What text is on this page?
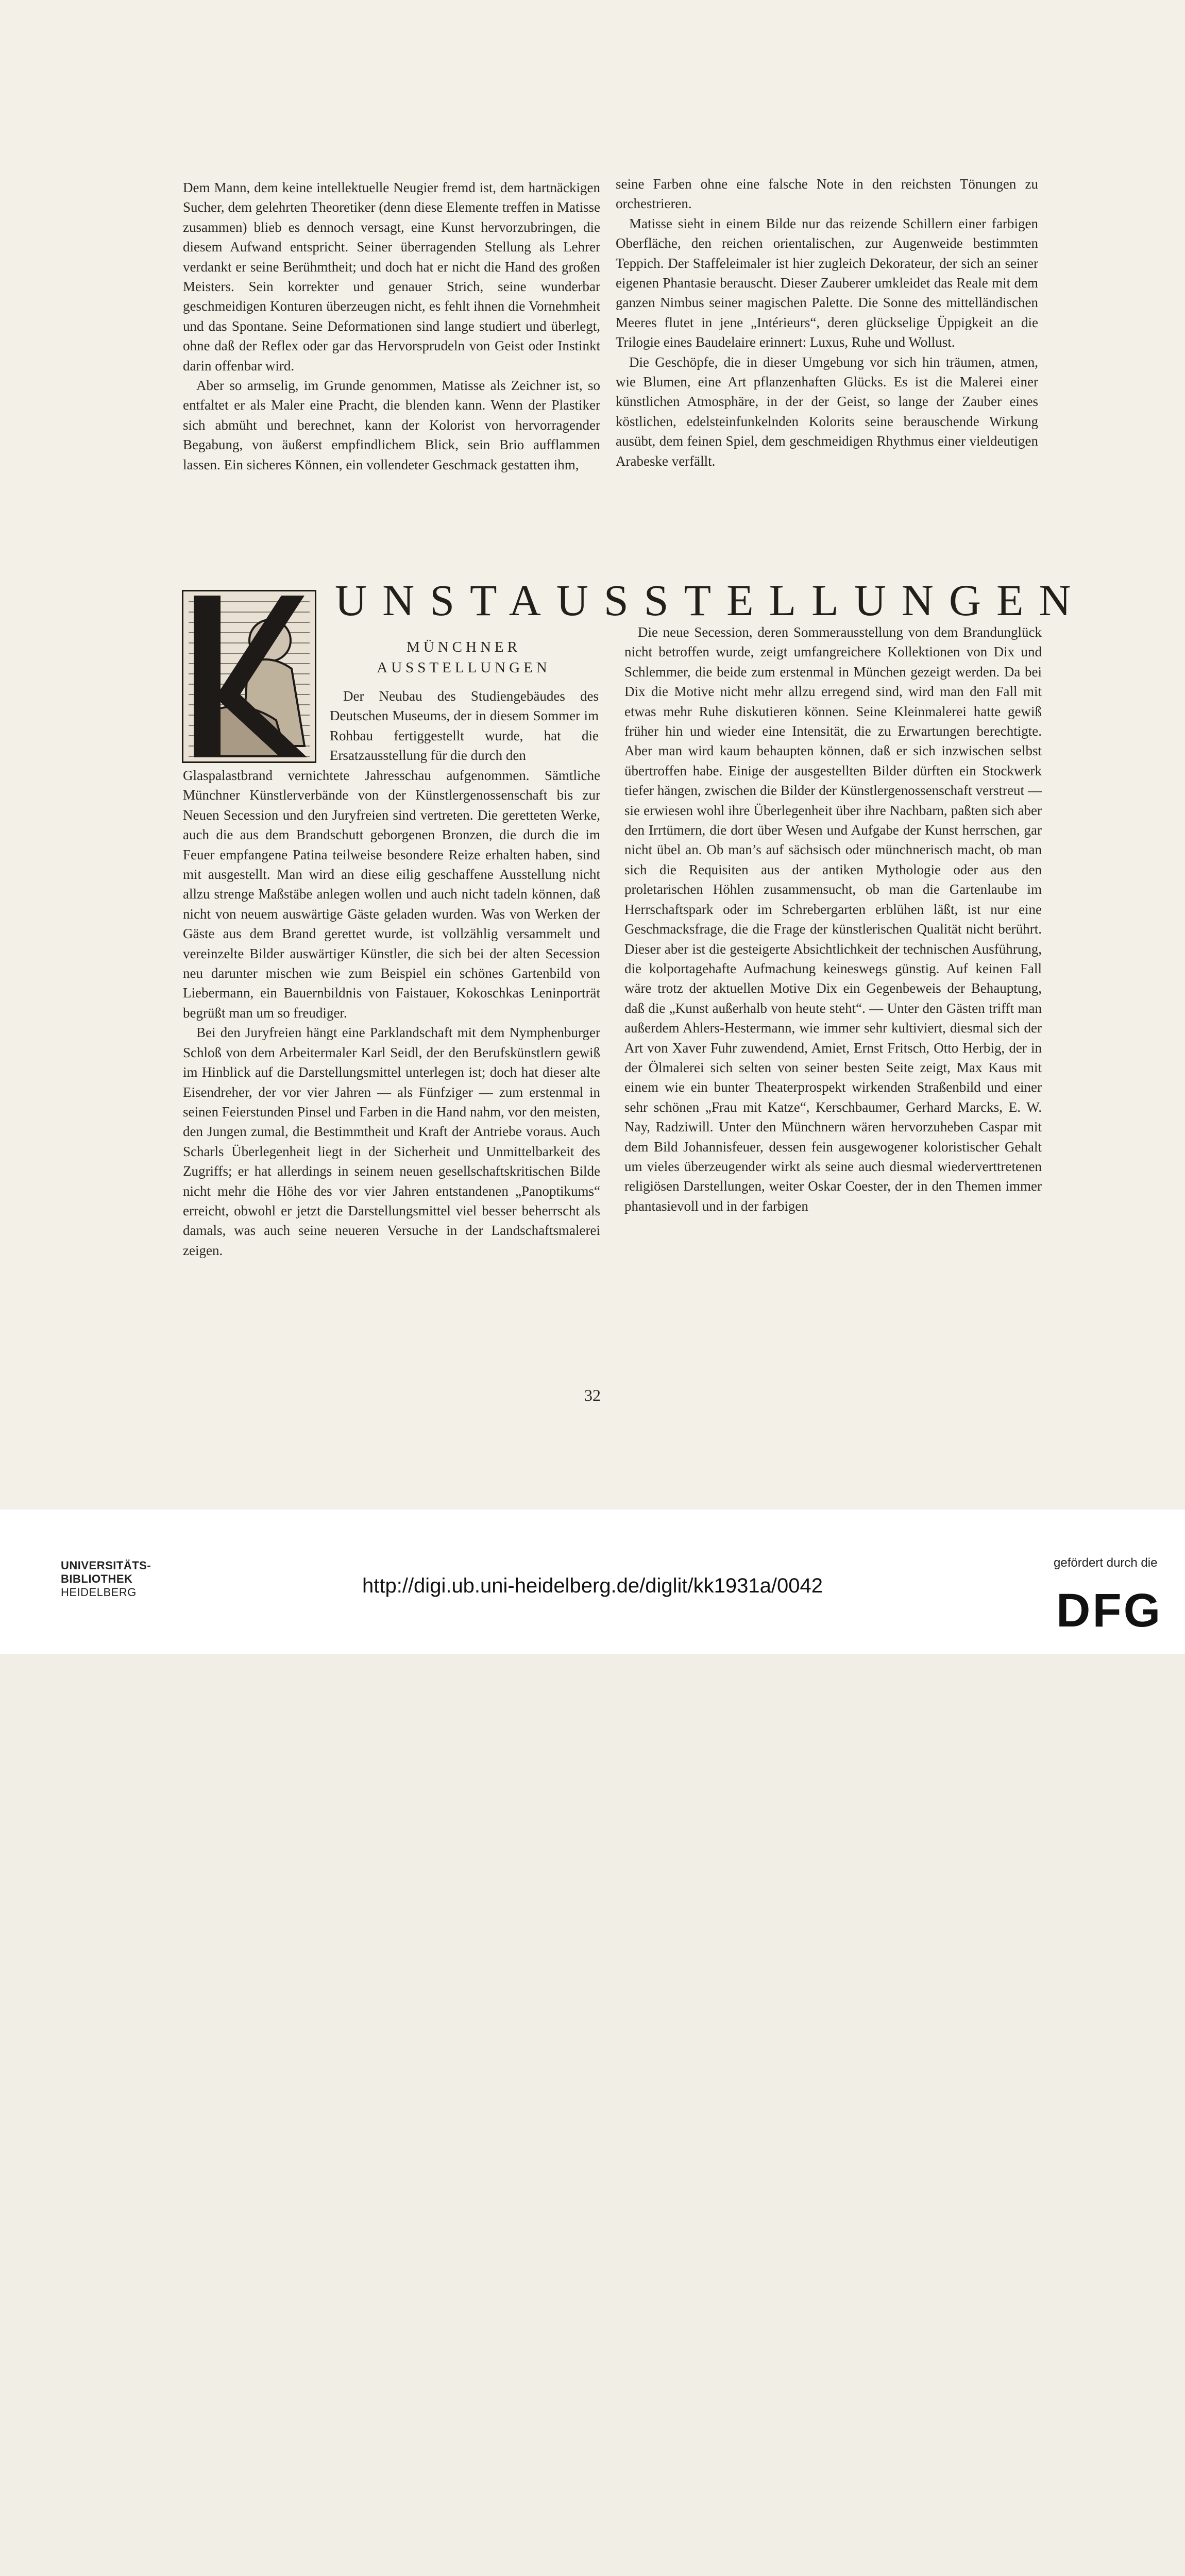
Dem Mann, dem keine intellektuelle Neugier fremd ist, dem hartnäckigen Sucher, dem gelehrten Theoretiker (denn diese Elemente treffen in Matisse zusammen) blieb es dennoch versagt, eine Kunst hervorzubringen, die diesem Aufwand entspricht. Seiner überragenden Stellung als Lehrer verdankt er seine Berühmtheit; und doch hat er nicht die Hand des großen Meisters. Sein korrekter und genauer Strich, seine wunderbar geschmeidigen Konturen überzeugen nicht, es fehlt ihnen die Vornehmheit und das Spontane. Seine Deformationen sind lange studiert und überlegt, ohne daß der Reflex oder gar das Hervorsprudeln von Geist oder Instinkt darin offenbar wird.

Aber so armselig, im Grunde genommen, Matisse als Zeichner ist, so entfaltet er als Maler eine Pracht, die blenden kann. Wenn der Plastiker sich abmüht und berechnet, kann der Kolorist von hervorragender Begabung, von äußerst empfindlichem Blick, sein Brio aufflammen lassen. Ein sicheres Können, ein vollendeter Geschmack gestatten ihm,

seine Farben ohne eine falsche Note in den reichsten Tönungen zu orchestrieren.

Matisse sieht in einem Bilde nur das reizende Schillern einer farbigen Oberfläche, den reichen orientalischen, zur Augenweide bestimmten Teppich. Der Staffeleimaler ist hier zugleich Dekorateur, der sich an seiner eigenen Phantasie berauscht. Dieser Zauberer umkleidet das Reale mit dem ganzen Nimbus seiner magischen Palette. Die Sonne des mittelländischen Meeres flutet in jene „Intérieurs“, deren glückselige Üppigkeit an die Trilogie eines Baudelaire erinnert: Luxus, Ruhe und Wollust.

Die Geschöpfe, die in dieser Umgebung vor sich hin träumen, atmen, wie Blumen, eine Art pflanzenhaften Glücks. Es ist die Malerei einer künstlichen Atmosphäre, in der der Geist, so lange der Zauber eines köstlichen, edelsteinfunkelnden Kolorits seine berauschende Wirkung ausübt, dem feinen Spiel, dem geschmeidigen Rhythmus einer vieldeutigen Arabeske verfällt.

UNSTAUSSTELLUNGEN
MÜNCHNER
AUSSTELLUNGEN

Der Neubau des Studiengebäudes des Deutschen Museums, der in diesem Sommer im Rohbau fertiggestellt wurde, hat die Ersatzausstellung für die durch den

Glaspalastbrand vernichtete Jahresschau aufgenommen. Sämtliche Münchner Künstlerverbände von der Künstlergenossenschaft bis zur Neuen Secession und den Juryfreien sind vertreten. Die geretteten Werke, auch die aus dem Brandschutt geborgenen Bronzen, die durch die im Feuer empfangene Patina teilweise besondere Reize erhalten haben, sind mit ausgestellt. Man wird an diese eilig geschaffene Ausstellung nicht allzu strenge Maßstäbe anlegen wollen und auch nicht tadeln können, daß nicht von neuem auswärtige Gäste geladen wurden. Was von Werken der Gäste aus dem Brand gerettet wurde, ist vollzählig versammelt und vereinzelte Bilder auswärtiger Künstler, die sich bei der alten Secession neu darunter mischen wie zum Beispiel ein schönes Gartenbild von Liebermann, ein Bauernbildnis von Faistauer, Kokoschkas Leninporträt begrüßt man um so freudiger.

Bei den Juryfreien hängt eine Parklandschaft mit dem Nymphenburger Schloß von dem Arbeitermaler Karl Seidl, der den Berufskünstlern gewiß im Hinblick auf die Darstellungsmittel unterlegen ist; doch hat dieser alte Eisendreher, der vor vier Jahren — als Fünfziger — zum erstenmal in seinen Feierstunden Pinsel und Farben in die Hand nahm, vor den meisten, den Jungen zumal, die Bestimmtheit und Kraft der Antriebe voraus. Auch Scharls Überlegenheit liegt in der Sicherheit und Unmittelbarkeit des Zugriffs; er hat allerdings in seinem neuen gesellschaftskritischen Bilde nicht mehr die Höhe des vor vier Jahren entstandenen „Panoptikums“ erreicht, obwohl er jetzt die Darstellungsmittel viel besser beherrscht als damals, was auch seine neueren Versuche in der Landschaftsmalerei zeigen.

Die neue Secession, deren Sommerausstellung von dem Brandunglück nicht betroffen wurde, zeigt umfangreichere Kollektionen von Dix und Schlemmer, die beide zum erstenmal in München gezeigt werden. Da bei Dix die Motive nicht mehr allzu erregend sind, wird man den Fall mit etwas mehr Ruhe diskutieren können. Seine Kleinmalerei hatte gewiß früher hin und wieder eine Intensität, die zu Erwartungen berechtigte. Aber man wird kaum behaupten können, daß er sich inzwischen selbst übertroffen habe. Einige der ausgestellten Bilder dürften ein Stockwerk tiefer hängen, zwischen die Bilder der Künstlergenossenschaft verstreut — sie erwiesen wohl ihre Überlegenheit über ihre Nachbarn, paßten sich aber den Irrtümern, die dort über Wesen und Aufgabe der Kunst herrschen, gar nicht übel an. Ob man’s auf sächsisch oder münchnerisch macht, ob man sich die Requisiten aus der antiken Mythologie oder aus den proletarischen Höhlen zusammensucht, ob man die Gartenlaube im Herrschaftspark oder im Schrebergarten erblühen läßt, ist nur eine Geschmacksfrage, die die Frage der künstlerischen Qualität nicht berührt. Dieser aber ist die gesteigerte Absichtlichkeit der technischen Ausführung, die kolportagehafte Aufmachung keineswegs günstig. Auf keinen Fall wäre trotz der aktuellen Motive Dix ein Gegenbeweis der Behauptung, daß die „Kunst außerhalb von heute steht“. — Unter den Gästen trifft man außerdem Ahlers-Hestermann, wie immer sehr kultiviert, diesmal sich der Art von Xaver Fuhr zuwendend, Amiet, Ernst Fritsch, Otto Herbig, der in der Ölmalerei sich selten von seiner besten Seite zeigt, Max Kaus mit einem wie ein bunter Theaterprospekt wirkenden Straßenbild und einer sehr schönen „Frau mit Katze“, Kerschbaumer, Gerhard Marcks, E. W. Nay, Radziwill. Unter den Münchnern wären hervorzuheben Caspar mit dem Bild Johannisfeuer, dessen fein ausgewogener koloristischer Gehalt um vieles überzeugender wirkt als seine auch diesmal wiederverttretenen religiösen Darstellungen, weiter Oskar Coester, der in den Themen immer phantasievoll und in der farbigen

32
UNIVERSITÄTS-
BIBLIOTHEK
HEIDELBERG	http://digi.ub.uni-heidelberg.de/diglit/kk1931a/0042
gefördert durch die
DFG
